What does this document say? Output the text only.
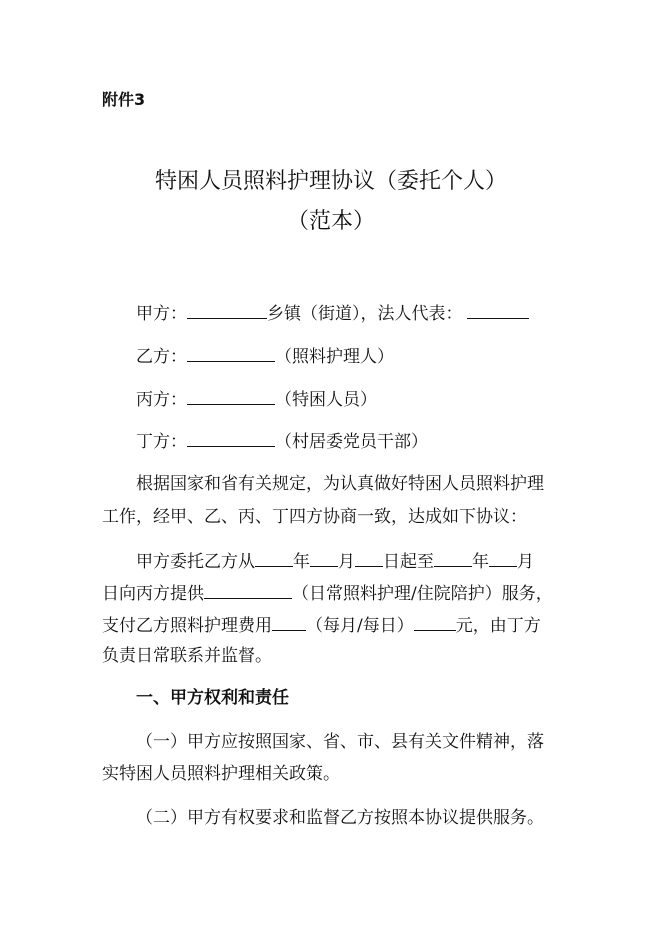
附件3
特困人员照料护理协议（委托个人）
（范本）
甲方：	乡镇（街道），法人代表：
乙方：	（照料护理人）
丙方：	（特困人员）
丁方：	（村居委党员干部）
根据国家和省有关规定，为认真做好特困人员照料护理
工作，经甲、乙、丙、丁四方协商一致，达成如下协议：
甲方委托乙方从 年 月 日起至 年 月
日向丙方提供	（日常照料护理/住院陪护）服务，
支付乙方照料护理费用 （每月/每日） 元，由丁方
负责日常联系并监督。
一、甲方权利和责任
（一）甲方应按照国家、省、市、县有关文件精神，落
实特困人员照料护理相关政策。
（二）甲方有权要求和监督乙方按照本协议提供服务。
